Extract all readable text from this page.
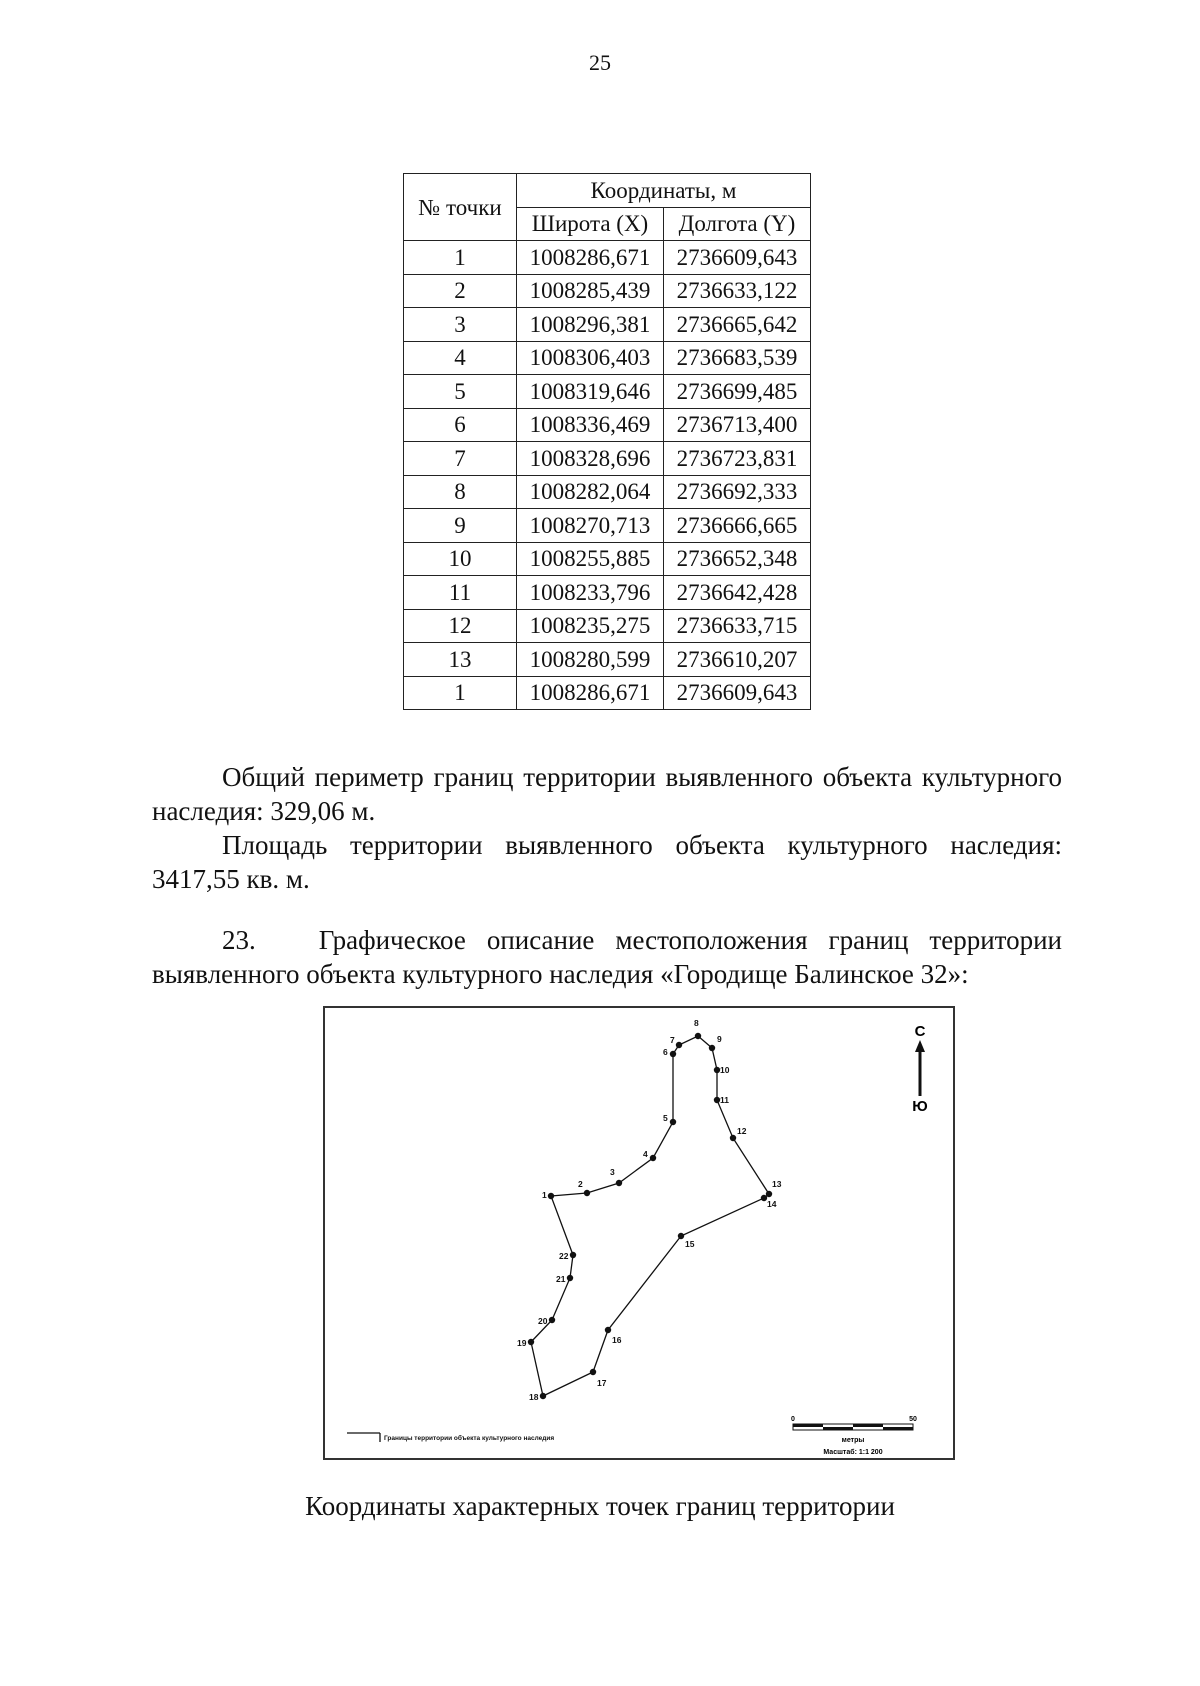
25
№ точки	Координаты, м	
	Широта (X)	Долгота (Y)
1	1008286,671	2736609,643
2	1008285,439	2736633,122
3	1008296,381	2736665,642
4	1008306,403	2736683,539
5	1008319,646	2736699,485
6	1008336,469	2736713,400
7	1008328,696	2736723,831
8	1008282,064	2736692,333
9	1008270,713	2736666,665
10	1008255,885	2736652,348
11	1008233,796	2736642,428
12	1008235,275	2736633,715
13	1008280,599	2736610,207
1	1008286,671	2736609,643
Общий периметр границ территории выявленного объекта культурного наследия: 329,06 м.
Площадь территории выявленного объекта культурного наследия:
3417,55 кв. м.
23. Графическое описание местоположения границ территории выявленного объекта культурного наследия «Городище Балинское 32»:
1
2
3
4
5
6
7
8
9
10
11
12
13
14
15
16
17
18
19
20
21
22
С
Ю
Границы территории объекта культурного наследия
0	50
метры
Масштаб: 1:1 200
Координаты характерных точек границ территории
